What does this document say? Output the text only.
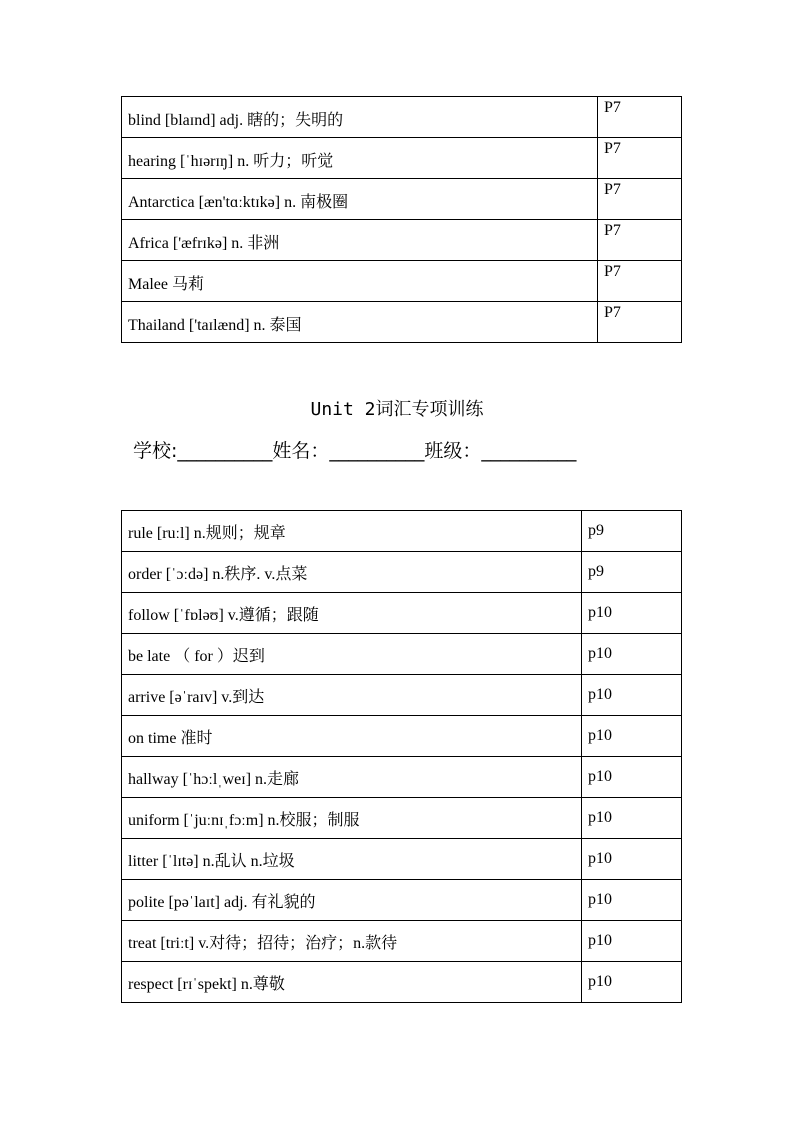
blind [blaɪnd] adj. 瞎的；失明的	P7
hearing [ˈhɪərɪŋ] n. 听力；听觉	P7
Antarctica [æn'tɑːktɪkə] n. 南极圈	P7
Africa ['æfrɪkə] n. 非洲	P7
Malee 马莉	P7
Thailand ['taɪlænd] n. 泰国	P7
Unit 2词汇专项训练
学校:__________姓名：__________班级：__________
rule [ruːl] n.规则；规章	p9
order [ˈɔːdə] n.秩序. v.点菜	p9
follow [ˈfɒləʊ] v.遵循；跟随	p10
be late （ for ）迟到	p10
arrive [əˈraɪv] v.到达	p10
on time 准时	p10
hallway [ˈhɔːlˌweɪ] n.走廊	p10
uniform [ˈjuːnɪˌfɔːm] n.校服；制服	p10
litter [ˈlɪtə] n.乱认 n.垃圾	p10
polite [pəˈlaɪt] adj. 有礼貌的	p10
treat [triːt] v.对待；招待；治疗；n.款待	p10
respect [rɪˈspekt] n.尊敬	p10
